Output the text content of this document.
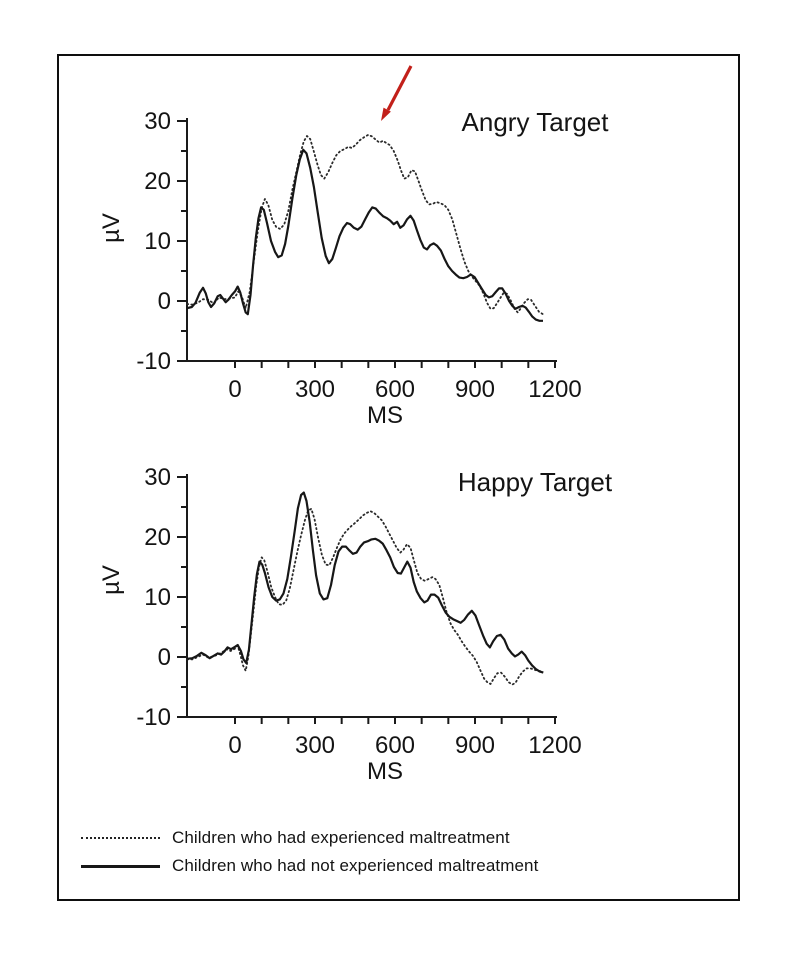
30
20
10
0
-10
0 300 600 900 1200
Angry Target
µV
MS
30
20
10
0
-10
0 300 600 900 1200
Happy Target
µV
MS
Children who had experienced maltreatment
Children who had not experienced maltreatment
